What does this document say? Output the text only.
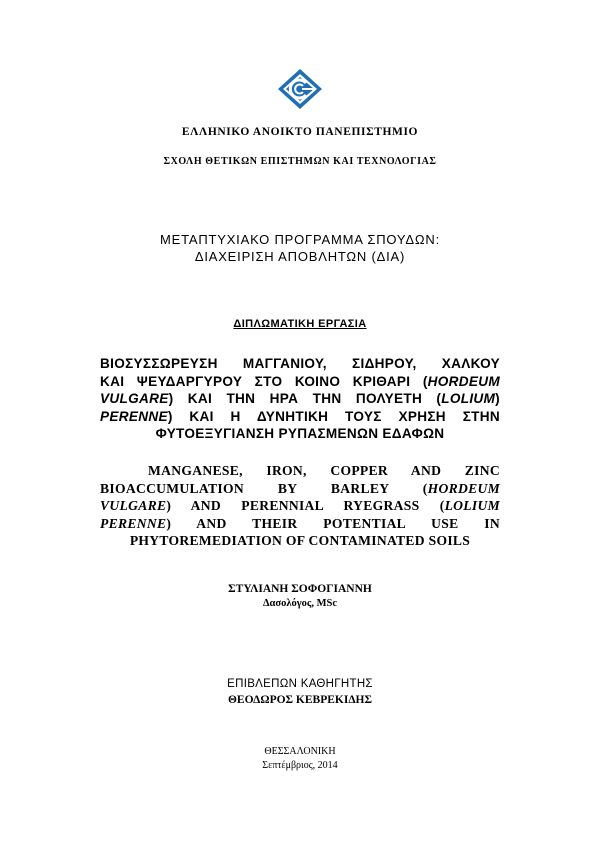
ΕΛΛΗΝΙΚΟ ΑΝΟΙΚΤΟ ΠΑΝΕΠΙΣΤΗΜΙΟ
ΣΧΟΛΗ ΘΕΤΙΚΩΝ ΕΠΙΣΤΗΜΩΝ ΚΑΙ ΤΕΧΝΟΛΟΓΙΑΣ
ΜΕΤΑΠΤΥΧΙΑΚΟ ΠΡΟΓΡΑΜΜΑ ΣΠΟΥΔΩΝ:
ΔΙΑΧΕΙΡΙΣΗ ΑΠΟΒΛΗΤΩΝ (ΔΙΑ)
ΔΙΠΛΩΜΑΤΙΚΗ ΕΡΓΑΣΙΑ
ΒΙΟΣΥΣΣΩΡΕΥΣΗ ΜΑΓΓΑΝΙΟΥ, ΣΙΔΗΡΟΥ, ΧΑΛΚΟΥ
ΚΑΙ ΨΕΥΔΑΡΓΥΡΟΥ ΣΤΟ ΚΟΙΝΟ ΚΡΙΘΑΡΙ (HORDEUM
VULGARE) ΚΑΙ ΤΗΝ ΗΡΑ ΤΗΝ ΠΟΛΥΕΤΗ (LOLIUM)
PERENNE) ΚΑΙ Η ΔΥΝΗΤΙΚΗ ΤΟΥΣ ΧΡΗΣΗ ΣΤΗΝ
ΦΥΤΟΕΞΥΓΙΑΝΣΗ ΡΥΠΑΣΜΕΝΩΝ ΕΔΑΦΩΝ
MANGANESE, IRON, COPPER AND ZINC
BIOACCUMULATION BY BARLEY (HORDEUM
VULGARE) AND PERENNIAL RYEGRASS (LOLIUM
PERENNE) AND THEIR POTENTIAL USE IN
PHYTOREMEDIATION OF CONTAMINATED SOILS
ΣΤΥΛΙΑΝΗ ΣΟΦΟΓΙΑΝΝΗ
Δασολόγος, MSc
ΕΠΙΒΛΕΠΩΝ ΚΑΘΗΓΗΤΗΣ
ΘΕΟΔΩΡΟΣ ΚΕΒΡΕΚΙΔΗΣ
ΘΕΣΣΑΛΟΝΙΚΗ
Σεπτέμβριος, 2014
